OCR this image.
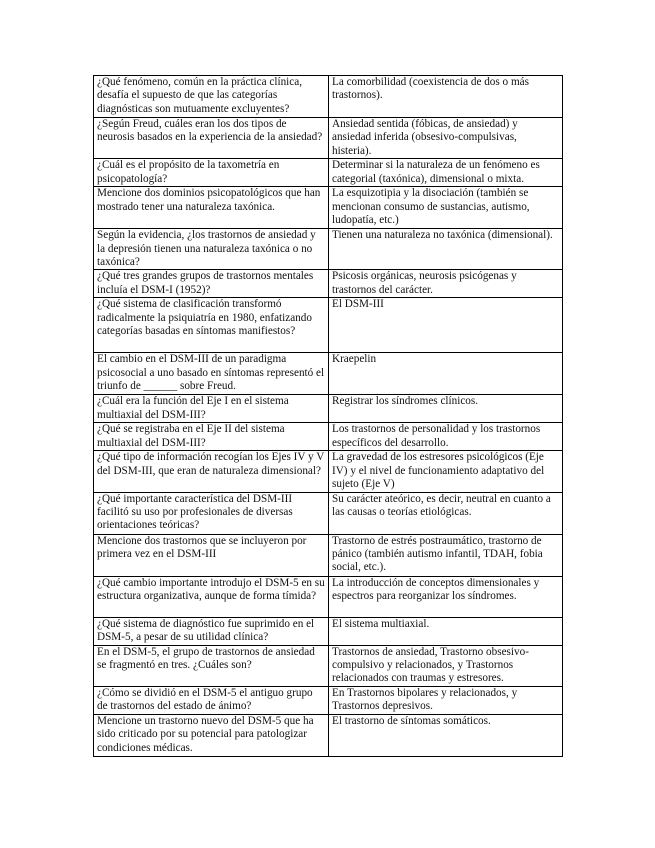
¿Qué fenómeno, común en la práctica clínica, desafía el supuesto de que las categorías diagnósticas son mutuamente excluyentes?	La comorbilidad (coexistencia de dos o más trastornos).
¿Según Freud, cuáles eran los dos tipos de neurosis basados en la experiencia de la ansiedad?	Ansiedad sentida (fóbicas, de ansiedad) y ansiedad inferida (obsesivo-compulsivas, histeria).
¿Cuál es el propósito de la taxometría en psicopatología?	Determinar si la naturaleza de un fenómeno es categorial (taxónica), dimensional o mixta.
Mencione dos dominios psicopatológicos que han mostrado tener una naturaleza taxónica.	La esquizotipia y la disociación (también se mencionan consumo de sustancias, autismo, ludopatía, etc.)
Según la evidencia, ¿los trastornos de ansiedad y la depresión tienen una naturaleza taxónica o no taxónica?	Tienen una naturaleza no taxónica (dimensional).
¿Qué tres grandes grupos de trastornos mentales incluía el DSM-I (1952)?	Psicosis orgánicas, neurosis psicógenas y trastornos del carácter.
¿Qué sistema de clasificación transformó radicalmente la psiquiatría en 1980, enfatizando categorías basadas en síntomas manifiestos?	El DSM-III
El cambio en el DSM-III de un paradigma psicosocial a uno basado en síntomas representó el triunfo de ______ sobre Freud.	Kraepelin
¿Cuál era la función del Eje I en el sistema multiaxial del DSM-III?	Registrar los síndromes clínicos.
¿Qué se registraba en el Eje II del sistema multiaxial del DSM-III?	Los trastornos de personalidad y los trastornos específicos del desarrollo.
¿Qué tipo de información recogían los Ejes IV y V del DSM-III, que eran de naturaleza dimensional?	La gravedad de los estresores psicológicos (Eje IV) y el nivel de funcionamiento adaptativo del sujeto (Eje V)
¿Qué importante característica del DSM-III facilitó su uso por profesionales de diversas orientaciones teóricas?	Su carácter ateórico, es decir, neutral en cuanto a las causas o teorías etiológicas.
Mencione dos trastornos que se incluyeron por primera vez en el DSM-III	Trastorno de estrés postraumático, trastorno de pánico (también autismo infantil, TDAH, fobia social, etc.).
¿Qué cambio importante introdujo el DSM-5 en su estructura organizativa, aunque de forma tímida?	La introducción de conceptos dimensionales y espectros para reorganizar los síndromes.
¿Qué sistema de diagnóstico fue suprimido en el DSM-5, a pesar de su utilidad clínica?	El sistema multiaxial.
En el DSM-5, el grupo de trastornos de ansiedad se fragmentó en tres. ¿Cuáles son?	Trastornos de ansiedad, Trastorno obsesivo-compulsivo y relacionados, y Trastornos relacionados con traumas y estresores.
¿Cómo se dividió en el DSM-5 el antiguo grupo de trastornos del estado de ánimo?	En Trastornos bipolares y relacionados, y Trastornos depresivos.
Mencione un trastorno nuevo del DSM-5 que ha sido criticado por su potencial para patologizar condiciones médicas.	El trastorno de síntomas somáticos.
